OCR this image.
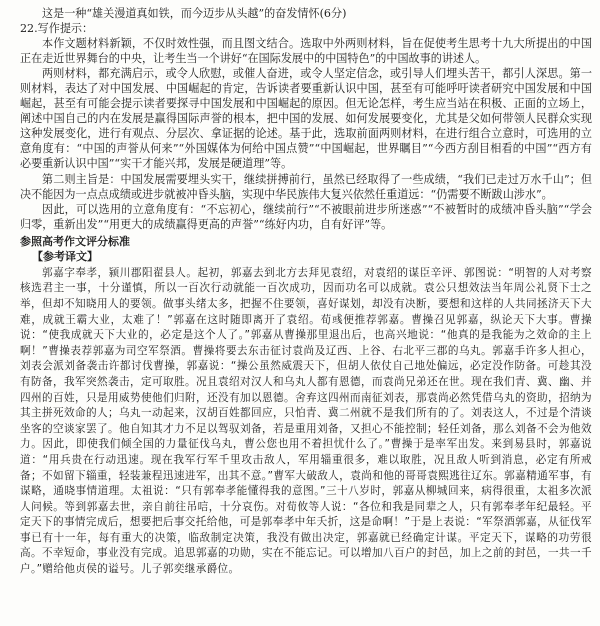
这是一种“雄关漫道真如铁，而今迈步从头越”的奋发情怀(6分)

22.写作提示：

本作文题材料新颖，不仅时效性强，而且图文结合。选取中外两则材料，旨在促使考生思考十九大所提出的中国正在走近世界舞台的中央，让考生当一个讲好“在国际发展中的中国特色”的中国故事的讲述人。

两则材料，都充满启示，或令人欣慰，或催人奋进，或令人坚定信念，或引导人们埋头苦干，都引人深思。第一则材料，表达了对中国发展、中国崛起的肯定，告诉读者要重新认识中国，甚至有可能呼吁读者研究中国发展和中国崛起，甚至有可能会提示读者要探寻中国发展和中国崛起的原因。但无论怎样，考生应当站在积极、正面的立场上，阐述中国自己的内在发展是赢得国际声誉的根本，把中国的发展、如何发展要变化，尤其是父如何带领人民群众实现这种发展变化，进行有观点、分层次、拿证据的论述。基于此，选取前面两则材料，在进行组合立意时，可选用的立意角度有：“中国的声誉从何来”“外国媒体为何给中国点赞”“中国崛起，世界瞩目”“今西方刮目相看的中国”“西方有必要重新认识中国”“实干才能兴邦，发展是硬道理”等。

第二则主旨是：中国发展需要埋头实干，继续拼搏前行，虽然已经取得了一些成绩，“我们已走过万水千山”；但决不能因为一点点成绩或进步就被冲昏头脑，实现中华民族伟大复兴依然任重道远：“仍需要不断跋山涉水”。

因此，可以选用的立意角度有：“不忘初心，继续前行”“不被眼前进步所迷惑”“不被暂时的成绩冲昏头脑”“学会归零，重新出发”“用更大的成绩赢得更高的声誉”“练好内功，自有好评”等。

参照高考作文评分标准

【参考译文】

郭嘉字奉孝，颍川郡阳翟县人。起初，郭嘉去到北方去拜见袁绍，对袁绍的谋臣辛评、郭图说：“明智的人对考察核选君主一事，十分谨慎，所以一百次行动就能一百次成功，因而功名可以成就。袁公只想效法当年周公礼贤下士之举，但却不知晓用人的要领。做事头绪太多，把握不住要领，喜好谋划，却没有决断，要想和这样的人共同拯济天下大难，成就王霸大业，太难了！”郭嘉在这时随即离开了袁绍。荀彧便推荐郭嘉。曹操召见郭嘉，纵论天下大事。曹操说：“使我成就天下大业的，必定是这个人了。”郭嘉从曹操那里退出后，也高兴地说：“他真的是我能为之效命的主上啊！”曹操表荐郭嘉为司空军祭酒。曹操将要去东击征讨袁尚及辽西、上谷、右北平三郡的乌丸。郭嘉手许多人担心，刘表会派刘备袭击许都讨伐曹操，郭嘉说：“操公虽然威震天下，但胡人依仗自己地处偏远，必定没作防备。可趁其没有防备，我军突然袭击，定可取胜。况且袁绍对汉人和乌丸人都有恩德，而袁尚兄弟还在世。现在我们青、冀、幽、并四州的百姓，只是用威势使他们归附，还没有加以恩德。舍弃这四州而南征刘表，那袁尚必然凭借乌丸的资助，招纳为其主拼死效命的人；乌丸一动起来，汉胡百姓都回应，只怕青、冀二州就不是我们所有的了。刘表这人，不过是个清谈坐客的空谈家罢了。他自知其才力不足以驾驭刘备，若是重用刘备，又担心不能控制；轻任刘备，那么刘备不会为他效力。因此，即使我们倾全国的力量征伐乌丸，曹公您也用不着担忧什么了。”曹操于是率军出发。来到易县时，郭嘉说道：“用兵贵在行动迅速。现在我军行军千里攻击敌人，军用辎重很多，难以取胜，况且敌人听到消息，必定有所戒备；不如留下辎重，轻装兼程迅速进军，出其不意。”曹军大破敌人，袁尚和他的哥哥袁熙逃往辽东。郭嘉精通军事，有谋略，通晓事情道理。太祖说：“只有郭奉孝能懂得我的意图。”三十八岁时，郭嘉从柳城回来，病得很重，太祖多次派人问候。等到郭嘉去世，亲自前往吊唁，十分哀伤。对荀攸等人说：“各位和我是同辈之人，只有郭奉孝年纪最轻。平定天下的事情完成后，想要把后事交托给他，可是郭奉孝中年夭折，这是命啊！”于是上表说：“军祭酒郭嘉，从征伐军事已有十一年，每有重大的决策，临敌制定决策，我没有做出决定，郭嘉就已经确定计谋。平定天下，谋略的功劳很高。不幸短命，事业没有完成。追思郭嘉的功勋，实在不能忘记。可以增加八百户的封邑，加上之前的封邑，一共一千户。”赠给他贞侯的谥号。儿子郭奕继承爵位。
